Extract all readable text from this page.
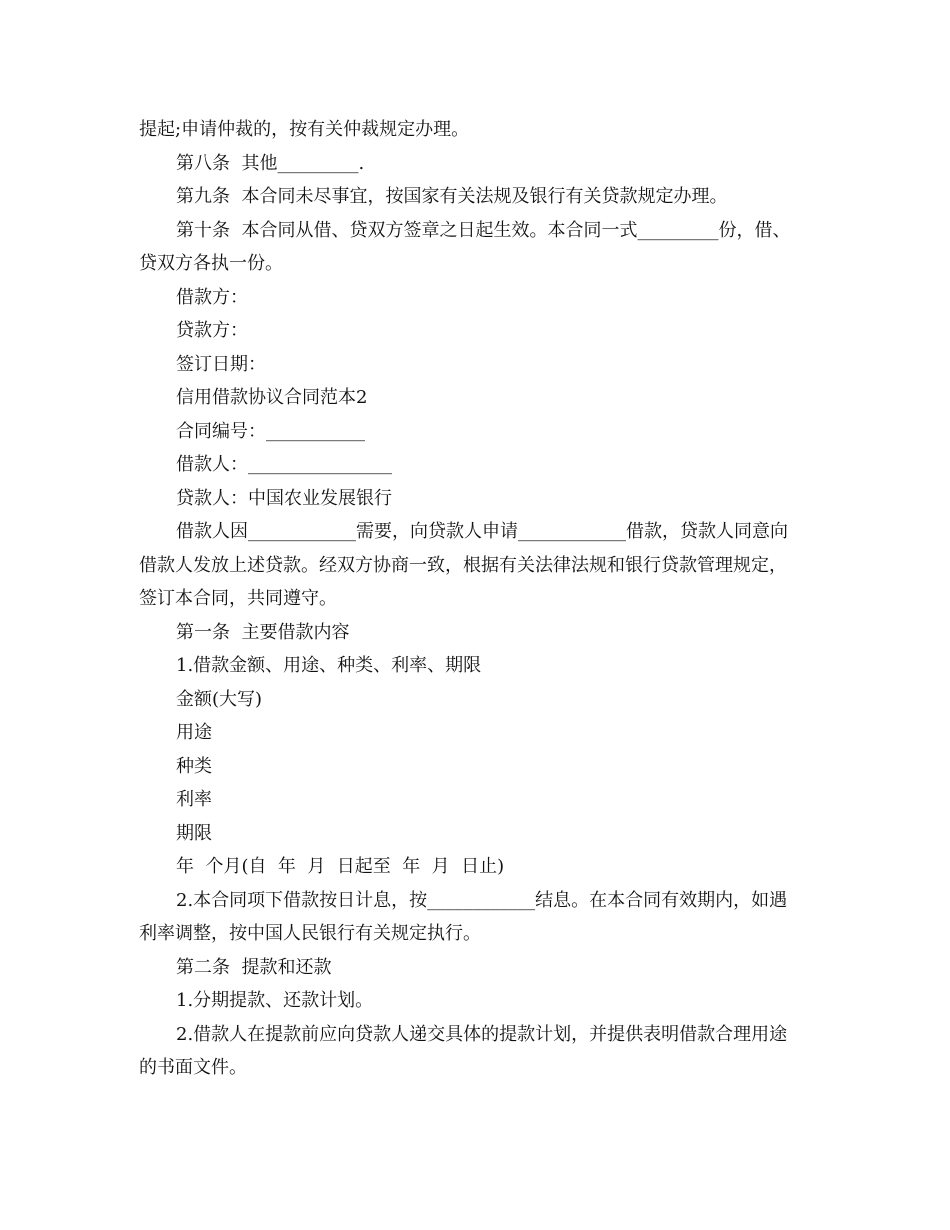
提起;申请仲裁的，按有关仲裁规定办理。

第八条  其他_________.

第九条  本合同未尽事宜，按国家有关法规及银行有关贷款规定办理。

第十条  本合同从借、贷双方签章之日起生效。本合同一式_________份，借、

贷双方各执一份。

借款方：

贷款方：

签订日期：

信用借款协议合同范本2

合同编号：___________

借款人：________________

贷款人：中国农业发展银行

借款人因____________需要，向贷款人申请____________借款，贷款人同意向

借款人发放上述贷款。经双方协商一致，根据有关法律法规和银行贷款管理规定，

签订本合同，共同遵守。

第一条  主要借款内容

1.借款金额、用途、种类、利率、期限

金额(大写)

用途

种类

利率

期限

年  个月(自  年  月  日起至  年  月  日止)

2.本合同项下借款按日计息，按____________结息。在本合同有效期内，如遇

利率调整，按中国人民银行有关规定执行。

第二条  提款和还款

1.分期提款、还款计划。

2.借款人在提款前应向贷款人递交具体的提款计划，并提供表明借款合理用途

的书面文件。
